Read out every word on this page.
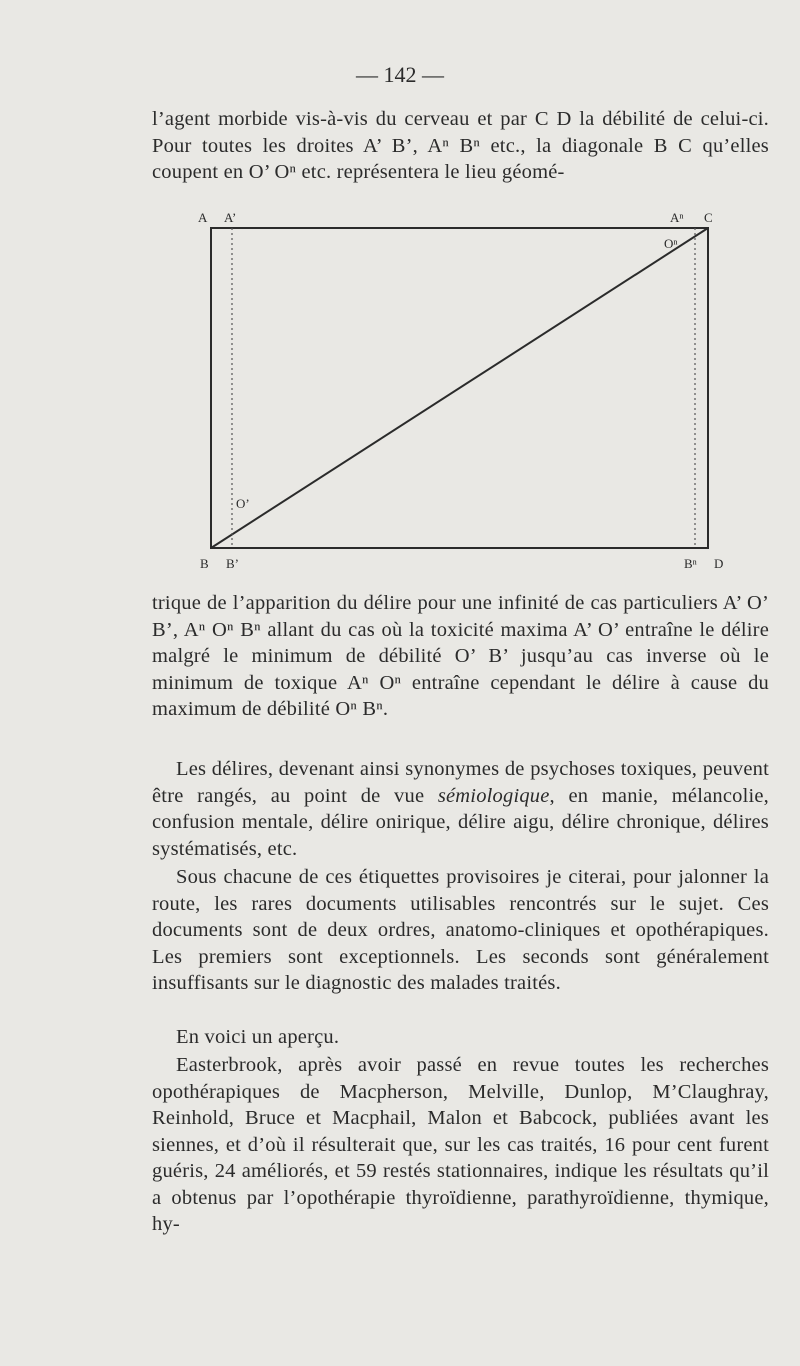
— 142 —

l’agent morbide vis-à-vis du cerveau et par C D la débilité de celui-ci. Pour toutes les droites A’ B’, Aⁿ Bⁿ etc., la diagonale B C qu’elles coupent en O’ Oⁿ etc. représentera le lieu géomé-

A A’	Aⁿ C
Oⁿ
O’
B B’	Bⁿ D

trique de l’apparition du délire pour une infinité de cas particuliers A’ O’ B’, Aⁿ Oⁿ Bⁿ allant du cas où la toxicité maxima A’ O’ entraîne le délire malgré le minimum de débilité O’ B’ jusqu’au cas inverse où le minimum de toxique Aⁿ Oⁿ entraîne cependant le délire à cause du maximum de débilité Oⁿ Bⁿ.

Les délires, devenant ainsi synonymes de psychoses toxiques, peuvent être rangés, au point de vue sémiologique, en manie, mélancolie, confusion mentale, délire onirique, délire aigu, délire chronique, délires systématisés, etc.

Sous chacune de ces étiquettes provisoires je citerai, pour jalonner la route, les rares documents utilisables rencontrés sur le sujet. Ces documents sont de deux ordres, anatomo-cliniques et opothérapiques. Les premiers sont exceptionnels. Les seconds sont généralement insuffisants sur le diagnostic des malades traités.

En voici un aperçu.

Easterbrook, après avoir passé en revue toutes les recherches opothérapiques de Macpherson, Melville, Dunlop, M’Claughray, Reinhold, Bruce et Macphail, Malon et Babcock, publiées avant les siennes, et d’où il résulterait que, sur les cas traités, 16 pour cent furent guéris, 24 améliorés, et 59 restés stationnaires, indique les résultats qu’il a obtenus par l’opothérapie thyroïdienne, parathyroïdienne, thymique, hy-
